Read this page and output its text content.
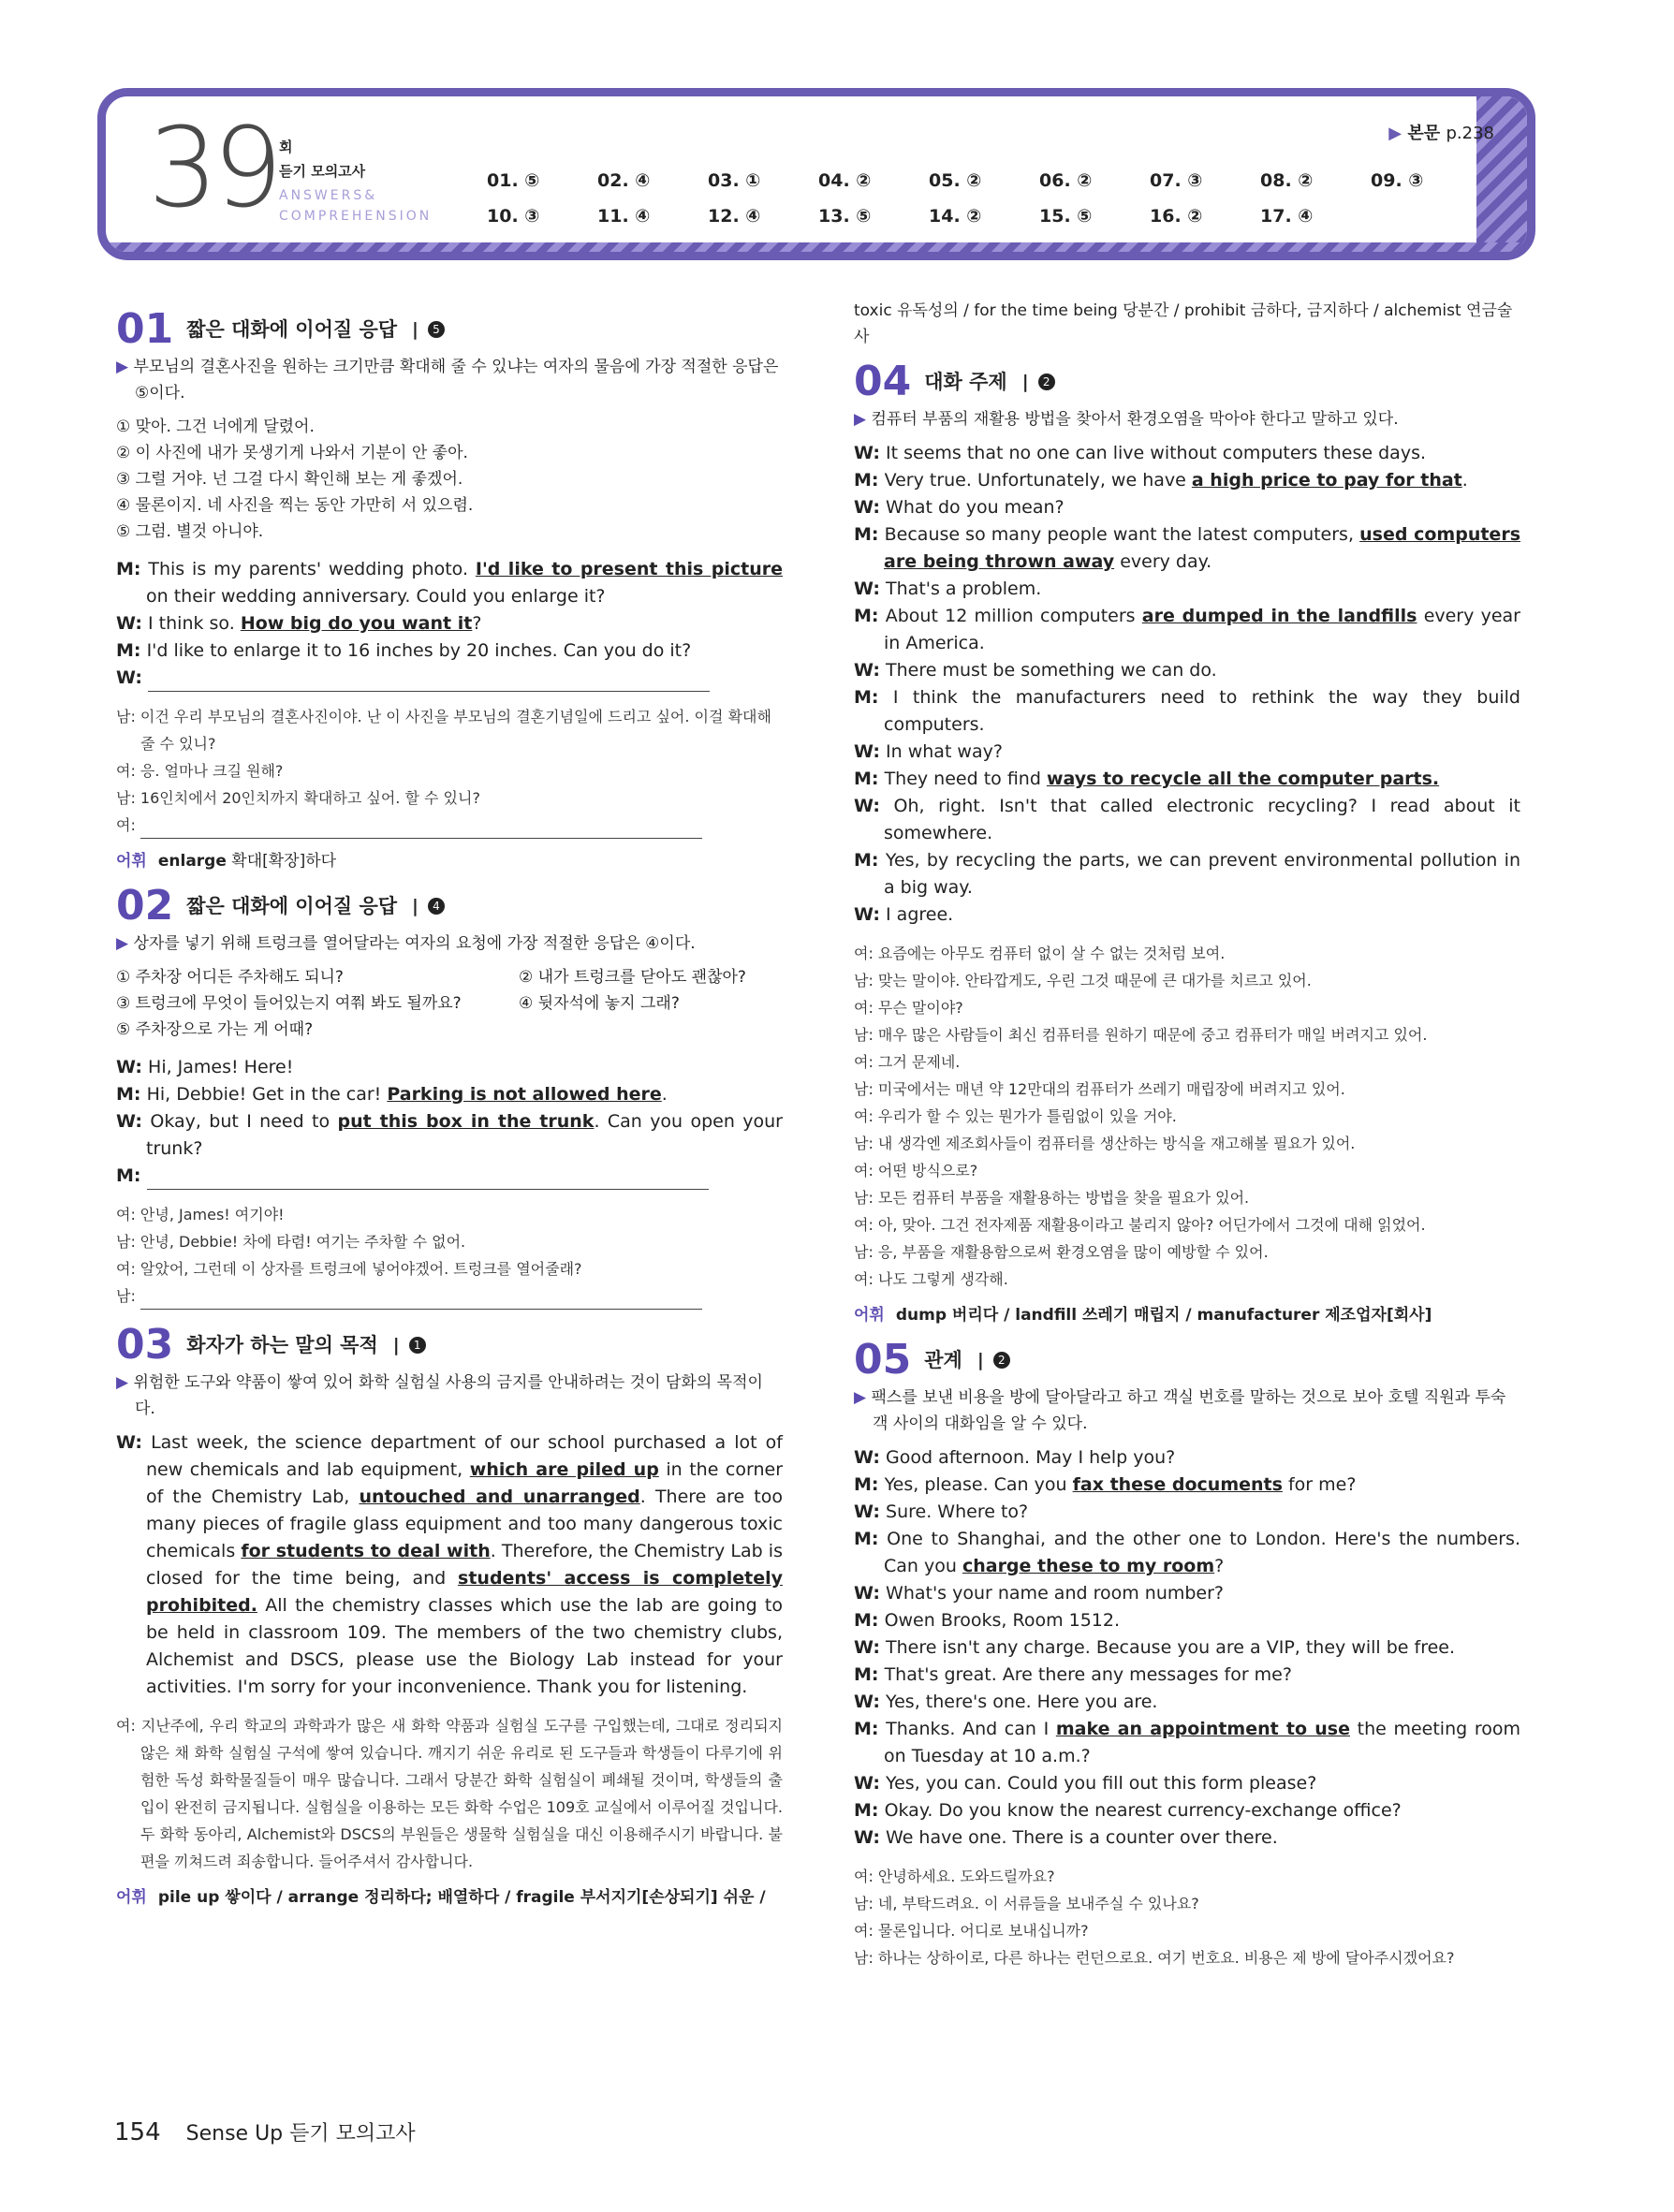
39 회
듣기 모의고사
ANSWERS&
COMPREHENSION
▶ 본문 p.238
01. ⑤	02. ④	03. ①	04. ②	05. ②	06. ②	07. ③	08. ②	09. ③
10. ③	11. ④	12. ④	13. ⑤	14. ②	15. ⑤	16. ②	17. ④
01 짧은 대화에 이어질 응답 |	5
▶ 부모님의 결혼사진을 원하는 크기만큼 확대해 줄 수 있냐는 여자의 물음에 가장 적절한 응답은 ⑤이다.
① 맞아. 그건 너에게 달렸어.
② 이 사진에 내가 못생기게 나와서 기분이 안 좋아.
③ 그럴 거야. 넌 그걸 다시 확인해 보는 게 좋겠어.
④ 물론이지. 네 사진을 찍는 동안 가만히 서 있으렴.
⑤ 그럼. 별것 아니야.
M: This is my parents' wedding photo. I'd like to present this picture on their wedding anniversary. Could you enlarge it?
W: I think so. How big do you want it?
M: I'd like to enlarge it to 16 inches by 20 inches. Can you do it?
W:
남: 이건 우리 부모님의 결혼사진이야. 난 이 사진을 부모님의 결혼기념일에 드리고 싶어. 이걸 확대해줄 수 있니?
여: 응. 얼마나 크길 원해?
남: 16인치에서 20인치까지 확대하고 싶어. 할 수 있니?
여:
어휘 enlarge 확대[확장]하다
02 짧은 대화에 이어질 응답 |	4
▶ 상자를 넣기 위해 트렁크를 열어달라는 여자의 요청에 가장 적절한 응답은 ④이다.
① 주차장 어디든 주차해도 되니?	② 내가 트렁크를 닫아도 괜찮아?
③ 트렁크에 무엇이 들어있는지 여쭤 봐도 될까요?	④ 뒷자석에 놓지 그래?
⑤ 주차장으로 가는 게 어때?
W: Hi, James! Here!
M: Hi, Debbie! Get in the car! Parking is not allowed here.
W: Okay, but I need to put this box in the trunk. Can you open your trunk?
M:
여: 안녕, James! 여기야!
남: 안녕, Debbie! 차에 타렴! 여기는 주차할 수 없어.
여: 알았어, 그런데 이 상자를 트렁크에 넣어야겠어. 트렁크를 열어줄래?
남:
03 화자가 하는 말의 목적 |	1
▶ 위험한 도구와 약품이 쌓여 있어 화학 실험실 사용의 금지를 안내하려는 것이 담화의 목적이다.
W: Last week, the science department of our school purchased a lot of new chemicals and lab equipment, which are piled up in the corner of the Chemistry Lab, untouched and unarranged. There are too many pieces of fragile glass equipment and too many dangerous toxic chemicals for students to deal with. Therefore, the Chemistry Lab is closed for the time being, and students' access is completely prohibited. All the chemistry classes which use the lab are going to be held in classroom 109. The members of the two chemistry clubs, Alchemist and DSCS, please use the Biology Lab instead for your activities. I'm sorry for your inconvenience. Thank you for listening.
여: 지난주에, 우리 학교의 과학과가 많은 새 화학 약품과 실험실 도구를 구입했는데, 그대로 정리되지 않은 채 화학 실험실 구석에 쌓여 있습니다. 깨지기 쉬운 유리로 된 도구들과 학생들이 다루기에 위험한 독성 화학물질들이 매우 많습니다. 그래서 당분간 화학 실험실이 폐쇄될 것이며, 학생들의 출입이 완전히 금지됩니다. 실험실을 이용하는 모든 화학 수업은 109호 교실에서 이루어질 것입니다. 두 화학 동아리, Alchemist와 DSCS의 부원들은 생물학 실험실을 대신 이용해주시기 바랍니다. 불편을 끼쳐드려 죄송합니다. 들어주셔서 감사합니다.
어휘 pile up 쌓이다 / arrange 정리하다; 배열하다 / fragile 부서지기[손상되기] 쉬운 /
toxic 유독성의 / for the time being 당분간 / prohibit 금하다, 금지하다 / alchemist 연금술사
04 대화 주제 |	2
▶ 컴퓨터 부품의 재활용 방법을 찾아서 환경오염을 막아야 한다고 말하고 있다.
W: It seems that no one can live without computers these days.
M: Very true. Unfortunately, we have a high price to pay for that.
W: What do you mean?
M: Because so many people want the latest computers, used computers are being thrown away every day.
W: That's a problem.
M: About 12 million computers are dumped in the landfills every year in America.
W: There must be something we can do.
M: I think the manufacturers need to rethink the way they build computers.
W: In what way?
M: They need to find ways to recycle all the computer parts.
W: Oh, right. Isn't that called electronic recycling? I read about it somewhere.
M: Yes, by recycling the parts, we can prevent environmental pollution in a big way.
W: I agree.
여: 요즘에는 아무도 컴퓨터 없이 살 수 없는 것처럼 보여.
남: 맞는 말이야. 안타깝게도, 우린 그것 때문에 큰 대가를 치르고 있어.
여: 무슨 말이야?
남: 매우 많은 사람들이 최신 컴퓨터를 원하기 때문에 중고 컴퓨터가 매일 버려지고 있어.
여: 그거 문제네.
남: 미국에서는 매년 약 12만대의 컴퓨터가 쓰레기 매립장에 버려지고 있어.
여: 우리가 할 수 있는 뭔가가 틀림없이 있을 거야.
남: 내 생각엔 제조회사들이 컴퓨터를 생산하는 방식을 재고해볼 필요가 있어.
여: 어떤 방식으로?
남: 모든 컴퓨터 부품을 재활용하는 방법을 찾을 필요가 있어.
여: 아, 맞아. 그건 전자제품 재활용이라고 불리지 않아? 어딘가에서 그것에 대해 읽었어.
남: 응, 부품을 재활용함으로써 환경오염을 많이 예방할 수 있어.
여: 나도 그렇게 생각해.
어휘 dump 버리다 / landfill 쓰레기 매립지 / manufacturer 제조업자[회사]
05 관계 |	2
▶ 팩스를 보낸 비용을 방에 달아달라고 하고 객실 번호를 말하는 것으로 보아 호텔 직원과 투숙객 사이의 대화임을 알 수 있다.
W: Good afternoon. May I help you?
M: Yes, please. Can you fax these documents for me?
W: Sure. Where to?
M: One to Shanghai, and the other one to London. Here's the numbers. Can you charge these to my room?
W: What's your name and room number?
M: Owen Brooks, Room 1512.
W: There isn't any charge. Because you are a VIP, they will be free.
M: That's great. Are there any messages for me?
W: Yes, there's one. Here you are.
M: Thanks. And can I make an appointment to use the meeting room on Tuesday at 10 a.m.?
W: Yes, you can. Could you fill out this form please?
M: Okay. Do you know the nearest currency-exchange office?
W: We have one. There is a counter over there.
여: 안녕하세요. 도와드릴까요?
남: 네, 부탁드려요. 이 서류들을 보내주실 수 있나요?
여: 물론입니다. 어디로 보내십니까?
남: 하나는 상하이로, 다른 하나는 런던으로요. 여기 번호요. 비용은 제 방에 달아주시겠어요?
154 Sense Up 듣기 모의고사
